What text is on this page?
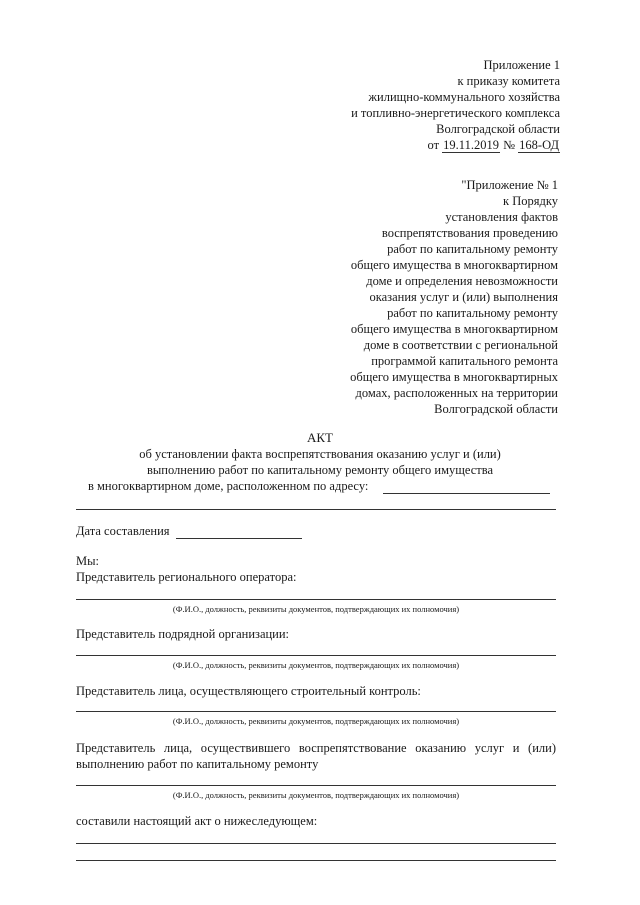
Приложение 1
к приказу комитета
жилищно-коммунального хозяйства
и топливно-энергетического комплекса
Волгоградской области
от 19.11.2019 № 168-ОД
"Приложение № 1
к Порядку
установления фактов
воспрепятствования проведению
работ по капитальному ремонту
общего имущества в многоквартирном
доме и определения невозможности
оказания услуг и (или) выполнения
работ по капитальному ремонту
общего имущества в многоквартирном
доме в соответствии с региональной
программой капитального ремонта
общего имущества в многоквартирных
домах, расположенных на территории
Волгоградской области
АКТ
об установлении факта воспрепятствования оказанию услуг и (или)
выполнению работ по капитальному ремонту общего имущества
в многоквартирном доме, расположенном по адресу:
Дата составления
Мы:
Представитель регионального оператора:
(Ф.И.О., должность, реквизиты документов, подтверждающих их полномочия)
Представитель подрядной организации:
(Ф.И.О., должность, реквизиты документов, подтверждающих их полномочия)
Представитель лица, осуществляющего строительный контроль:
(Ф.И.О., должность, реквизиты документов, подтверждающих их полномочия)
Представитель лица, осуществившего воспрепятствование оказанию услуг и (или)
выполнению работ по капитальному ремонту
(Ф.И.О., должность, реквизиты документов, подтверждающих их полномочия)
составили настоящий акт о нижеследующем:
